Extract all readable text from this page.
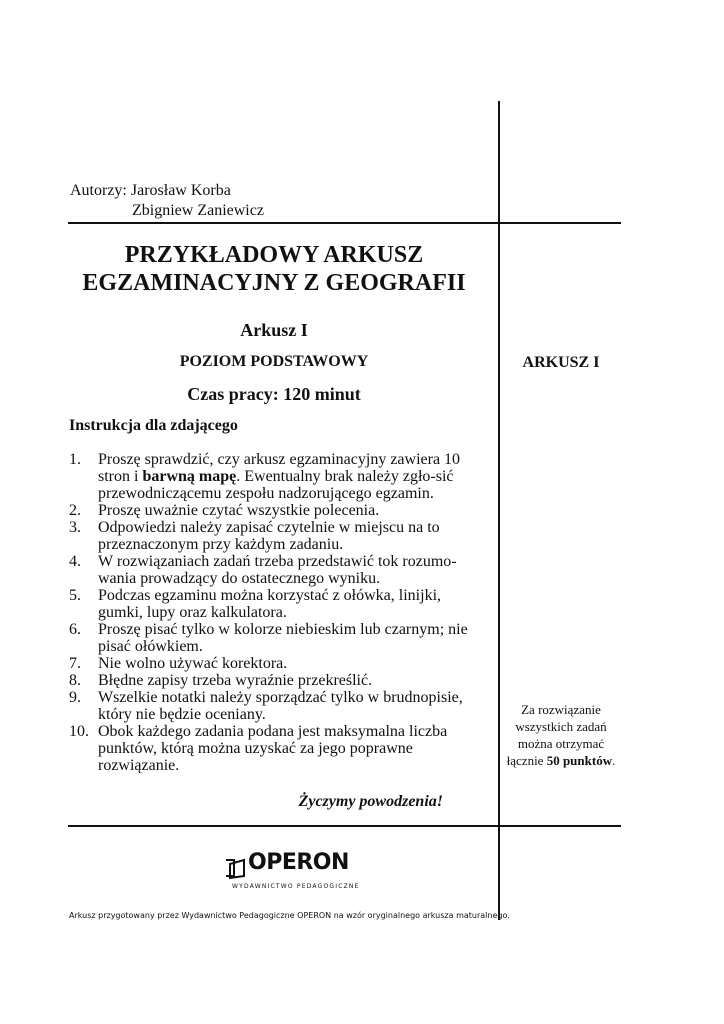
Autorzy: Jarosław Korba
Zbigniew Zaniewicz
PRZYKŁADOWY ARKUSZ
EGZAMINACYJNY Z GEOGRAFII
Arkusz I
POZIOM PODSTAWOWY
Czas pracy: 120 minut
ARKUSZ I
Instrukcja dla zdającego
1.	Proszę sprawdzić, czy arkusz egzaminacyjny zawiera 10 stron i barwną mapę. Ewentualny brak należy zgło-sić przewodniczącemu zespołu nadzorującego egzamin.
2.	Proszę uważnie czytać wszystkie polecenia.
3.	Odpowiedzi należy zapisać czytelnie w miejscu na to przeznaczonym przy każdym zadaniu.
4.	W rozwiązaniach zadań trzeba przedstawić tok rozumo-wania prowadzący do ostatecznego wyniku.
5.	Podczas egzaminu można korzystać z ołówka, linijki, gumki, lupy oraz kalkulatora.
6.	Proszę pisać tylko w kolorze niebieskim lub czarnym; nie pisać ołówkiem.
7.	Nie wolno używać korektora.
8.	Błędne zapisy trzeba wyraźnie przekreślić.
9.	Wszelkie notatki należy sporządzać tylko w brudnopisie, który nie będzie oceniany.
10. Obok każdego zadania podana jest maksymalna liczba punktów, którą można uzyskać za jego poprawne rozwiązanie.
Życzymy powodzenia!
Za rozwiązanie
wszystkich zadań
można otrzymać
łącznie 50 punktów.
OPERON
WYDAWNICTWO PEDAGOGICZNE
Arkusz przygotowany przez Wydawnictwo Pedagogiczne OPERON na wzór oryginalnego arkusza maturalnego.
